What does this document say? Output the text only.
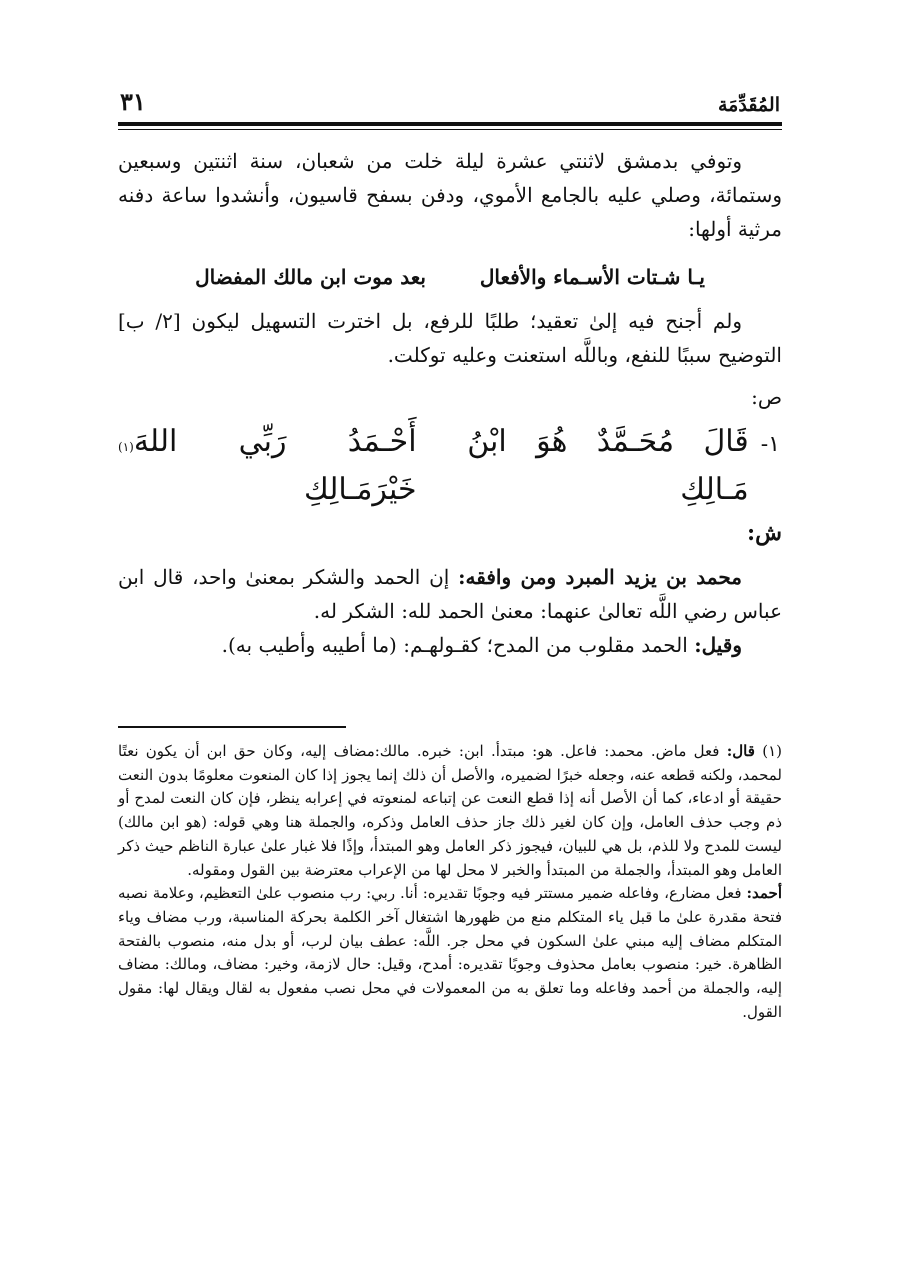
المُقَدِّمَة
٣١

وتوفي بدمشق لاثنتي عشرة ليلة خلت من شعبان، سنة اثنتين وسبعين وستمائة، وصلي عليه بالجامع الأموي، ودفن بسفح قاسيون، وأنشدوا ساعة دفنه مرثية أولها:

يـا شـتات الأسـماء والأفعال  بعد موت ابن مالك المفضال

ولم أجنح فيه إلىٰ تعقيد؛ طلبًا للرفع، بل اخترت التسهيل ليكون [٢/ ب] التوضيح سببًا للنفع، وباللَّه استعنت وعليه توكلت.

ص:

١-
قَالَ مُحَـمَّدٌ هُوَ ابْنُ مَـالِكِ
أَحْـمَدُ رَبِّي اللهَ خَيْرَمَـالِكِ
(١)

ش:

محمد بن يزيد المبرد ومن وافقه: إن الحمد والشكر بمعنىٰ واحد، قال ابن عباس رضي اللَّه تعالىٰ عنهما: معنىٰ الحمد لله: الشكر له.

وقيل: الحمد مقلوب من المدح؛ كقـولهـم: (ما أطيبه وأطيب به).

(١) قال: فعل ماض. محمد: فاعل. هو: مبتدأ. ابن: خبره. مالك:مضاف إليه، وكان حق ابن أن يكون نعتًا لمحمد، ولكنه قطعه عنه، وجعله خبرًا لضميره، والأصل أن ذلك إنما يجوز إذا كان المنعوت معلومًا بدون النعت حقيقة أو ادعاء، كما أن الأصل أنه إذا قطع النعت عن إتباعه لمنعوته في إعرابه ينظر، فإن كان النعت لمدح أو ذم وجب حذف العامل، وإن كان لغير ذلك جاز حذف العامل وذكره، والجملة هنا وهي قوله: (هو ابن مالك) ليست للمدح ولا للذم، بل هي للبيان، فيجوز ذكر العامل وهو المبتدأ، وإذًا فلا غبار علىٰ عبارة الناظم حيث ذكر العامل وهو المبتدأ، والجملة من المبتدأ والخبر لا محل لها من الإعراب معترضة بين القول ومقوله.

أحمد: فعل مضارع، وفاعله ضمير مستتر فيه وجوبًا تقديره: أنا. ربي: رب منصوب علىٰ التعظيم، وعلامة نصبه فتحة مقدرة علىٰ ما قبل ياء المتكلم منع من ظهورها اشتغال آخر الكلمة بحركة المناسبة، ورب مضاف وياء المتكلم مضاف إليه مبني علىٰ السكون في محل جر. اللَّه: عطف بيان لرب، أو بدل منه، منصوب بالفتحة الظاهرة. خير: منصوب بعامل محذوف وجوبًا تقديره: أمدح، وقيل: حال لازمة، وخير: مضاف، ومالك: مضاف إليه، والجملة من أحمد وفاعله وما تعلق به من المعمولات في محل نصب مفعول به لقال ويقال لها: مقول القول.
